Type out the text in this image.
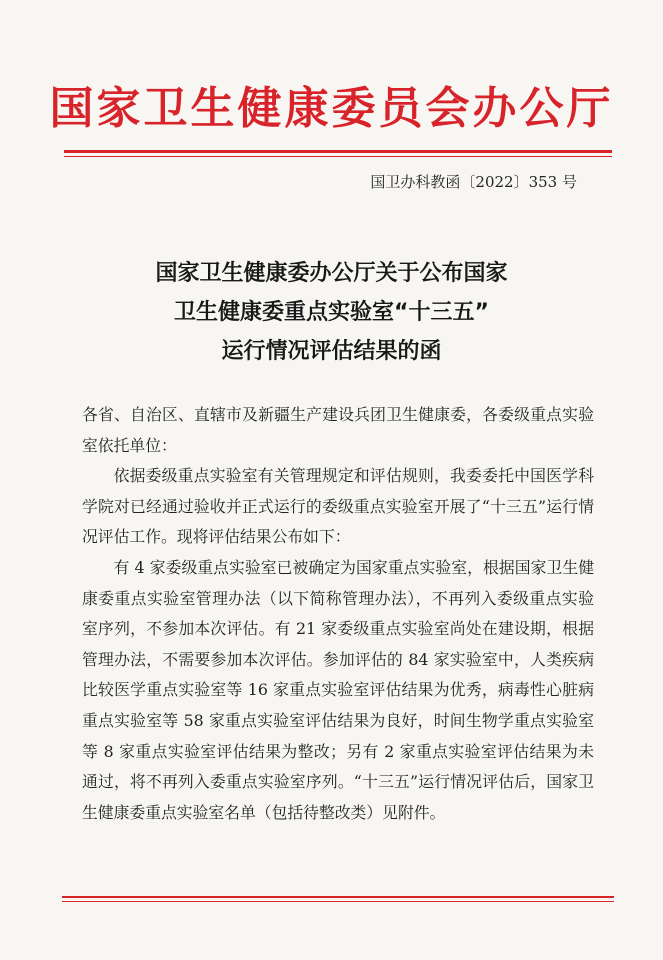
国家卫生健康委员会办公厅
国卫办科教函〔2022〕353 号
国家卫生健康委办公厅关于公布国家
卫生健康委重点实验室“十三五”
运行情况评估结果的函

各省、自治区、直辖市及新疆生产建设兵团卫生健康委，各委级重点实验室依托单位：

依据委级重点实验室有关管理规定和评估规则，我委委托中国医学科学院对已经通过验收并正式运行的委级重点实验室开展了“十三五”运行情况评估工作。现将评估结果公布如下：

有 4 家委级重点实验室已被确定为国家重点实验室，根据国家卫生健康委重点实验室管理办法（以下简称管理办法），不再列入委级重点实验室序列，不参加本次评估。有 21 家委级重点实验室尚处在建设期，根据管理办法，不需要参加本次评估。参加评估的 84 家实验室中，人类疾病比较医学重点实验室等 16 家重点实验室评估结果为优秀，病毒性心脏病重点实验室等 58 家重点实验室评估结果为良好，时间生物学重点实验室等 8 家重点实验室评估结果为整改；另有 2 家重点实验室评估结果为未通过，将不再列入委重点实验室序列。“十三五”运行情况评估后，国家卫生健康委重点实验室名单（包括待整改类）见附件。
